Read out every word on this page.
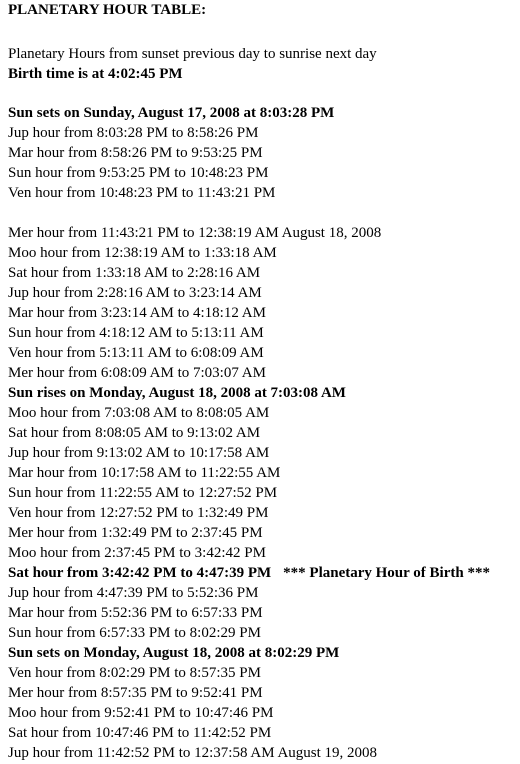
PLANETARY HOUR TABLE:
Planetary Hours from sunset previous day to sunrise next day
Birth time is at 4:02:45 PM
Sun sets on Sunday, August 17, 2008 at 8:03:28 PM
Jup hour from 8:03:28 PM to 8:58:26 PM
Mar hour from 8:58:26 PM to 9:53:25 PM
Sun hour from 9:53:25 PM to 10:48:23 PM
Ven hour from 10:48:23 PM to 11:43:21 PM
Mer hour from 11:43:21 PM to 12:38:19 AM August 18, 2008
Moo hour from 12:38:19 AM to 1:33:18 AM
Sat hour from 1:33:18 AM to 2:28:16 AM
Jup hour from 2:28:16 AM to 3:23:14 AM
Mar hour from 3:23:14 AM to 4:18:12 AM
Sun hour from 4:18:12 AM to 5:13:11 AM
Ven hour from 5:13:11 AM to 6:08:09 AM
Mer hour from 6:08:09 AM to 7:03:07 AM
Sun rises on Monday, August 18, 2008 at 7:03:08 AM
Moo hour from 7:03:08 AM to 8:08:05 AM
Sat hour from 8:08:05 AM to 9:13:02 AM
Jup hour from 9:13:02 AM to 10:17:58 AM
Mar hour from 10:17:58 AM to 11:22:55 AM
Sun hour from 11:22:55 AM to 12:27:52 PM
Ven hour from 12:27:52 PM to 1:32:49 PM
Mer hour from 1:32:49 PM to 2:37:45 PM
Moo hour from 2:37:45 PM to 3:42:42 PM
Sat hour from 3:42:42 PM to 4:47:39 PM *** Planetary Hour of Birth ***
Jup hour from 4:47:39 PM to 5:52:36 PM
Mar hour from 5:52:36 PM to 6:57:33 PM
Sun hour from 6:57:33 PM to 8:02:29 PM
Sun sets on Monday, August 18, 2008 at 8:02:29 PM
Ven hour from 8:02:29 PM to 8:57:35 PM
Mer hour from 8:57:35 PM to 9:52:41 PM
Moo hour from 9:52:41 PM to 10:47:46 PM
Sat hour from 10:47:46 PM to 11:42:52 PM
Jup hour from 11:42:52 PM to 12:37:58 AM August 19, 2008
